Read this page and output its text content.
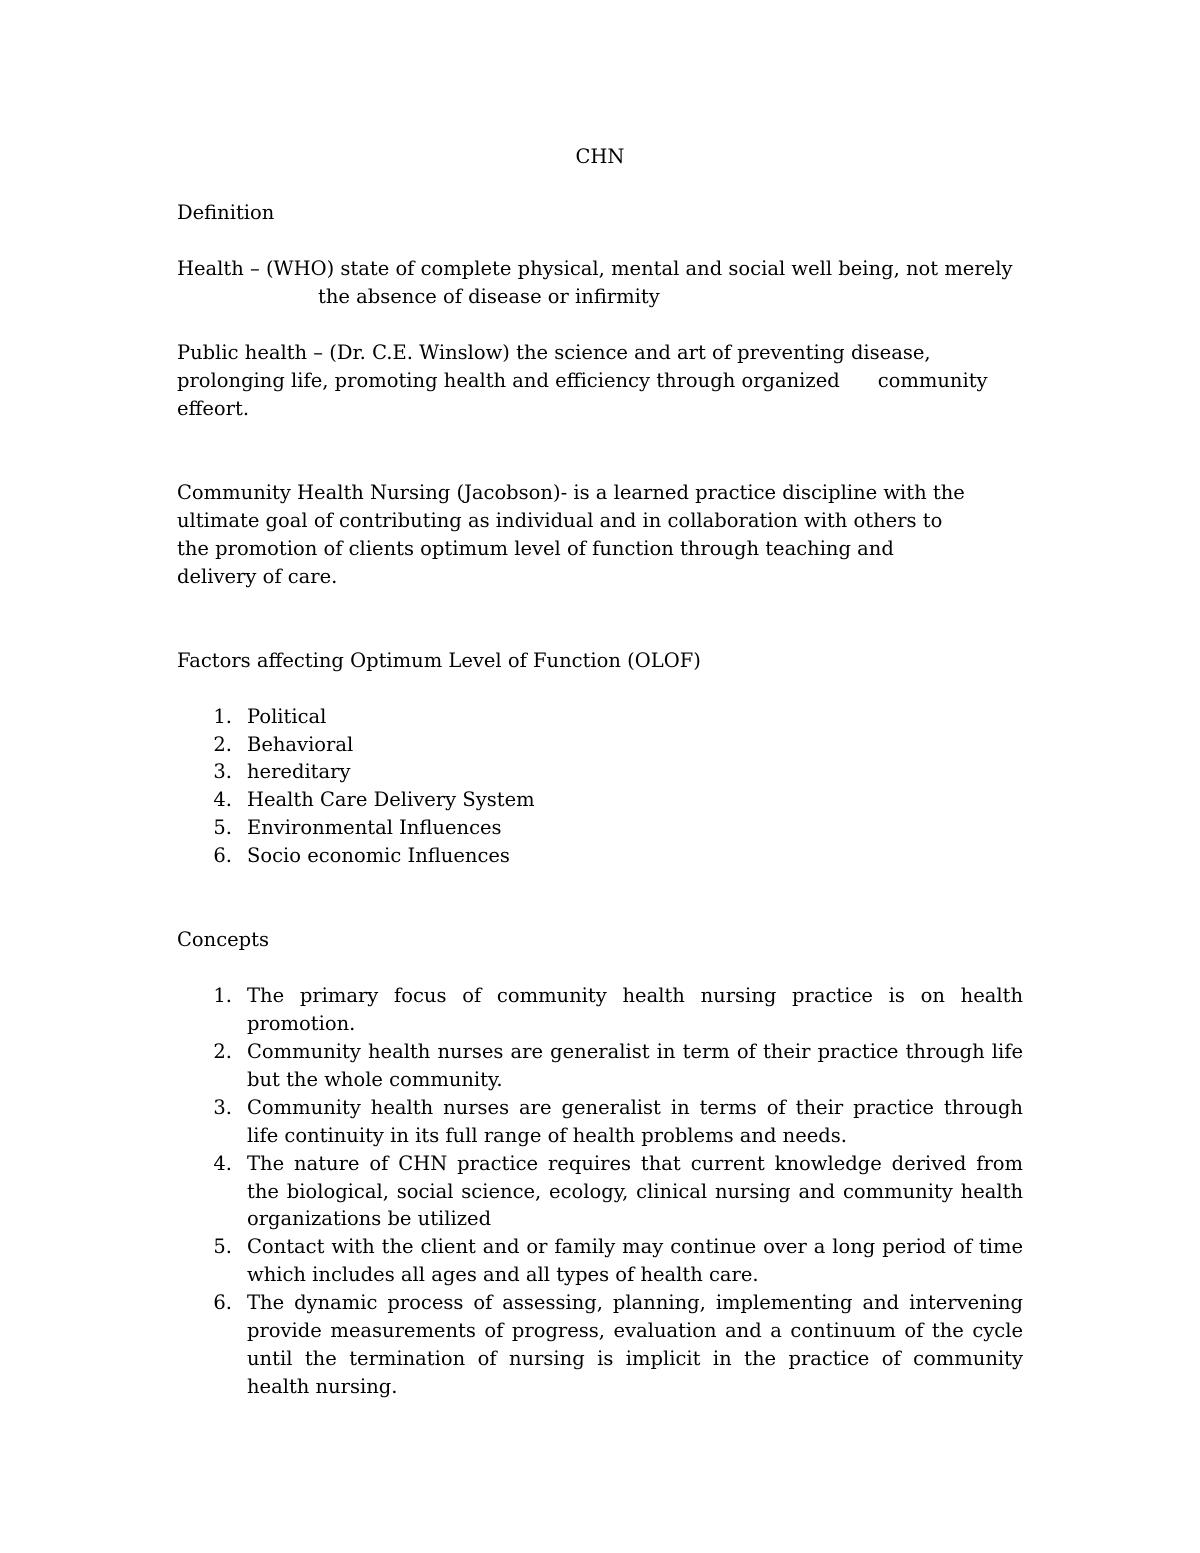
CHN
Definition
Health – (WHO) state of complete physical, mental and social well being, not merely
the absence of disease or infirmity
Public health – (Dr. C.E. Winslow) the science and art of preventing disease,
prolonging life, promoting health and efficiency through organized community
effeort.
Community Health Nursing (Jacobson)- is a learned practice discipline with the
ultimate goal of contributing as individual and in collaboration with others to
the promotion of clients optimum level of function through teaching and
delivery of care.
Factors affecting Optimum Level of Function (OLOF)
1. Political
2. Behavioral
3. hereditary
4. Health Care Delivery System
5. Environmental Influences
6. Socio economic Influences
Concepts
1. The primary focus of community health nursing practice is on health
promotion.
2. Community health nurses are generalist in term of their practice through life
but the whole community.
3. Community health nurses are generalist in terms of their practice through
life continuity in its full range of health problems and needs.
4. The nature of CHN practice requires that current knowledge derived from
the biological, social science, ecology, clinical nursing and community health
organizations be utilized
5. Contact with the client and or family may continue over a long period of time
which includes all ages and all types of health care.
6. The dynamic process of assessing, planning, implementing and intervening
provide measurements of progress, evaluation and a continuum of the cycle
until the termination of nursing is implicit in the practice of community
health nursing.
